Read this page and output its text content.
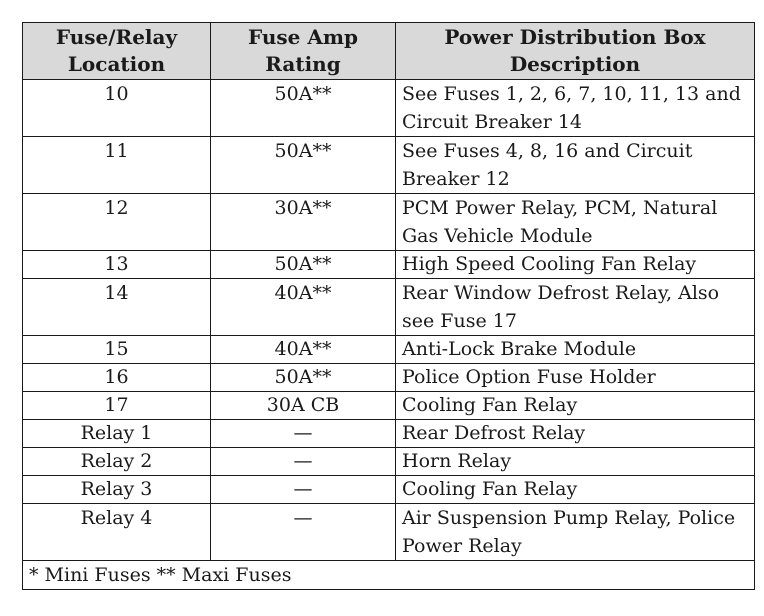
Fuse/Relay Location	Fuse Amp Rating	Power Distribution Box Description
10	50A**	See Fuses 1, 2, 6, 7, 10, 11, 13 and Circuit Breaker 14
11	50A**	See Fuses 4, 8, 16 and Circuit Breaker 12
12	30A**	PCM Power Relay, PCM, Natural Gas Vehicle Module
13	50A**	High Speed Cooling Fan Relay
14	40A**	Rear Window Defrost Relay, Also see Fuse 17
15	40A**	Anti-Lock Brake Module
16	50A**	Police Option Fuse Holder
17	30A CB	Cooling Fan Relay
Relay 1	—	Rear Defrost Relay
Relay 2	—	Horn Relay
Relay 3	—	Cooling Fan Relay
Relay 4	—	Air Suspension Pump Relay, Police Power Relay
* Mini Fuses ** Maxi Fuses		
